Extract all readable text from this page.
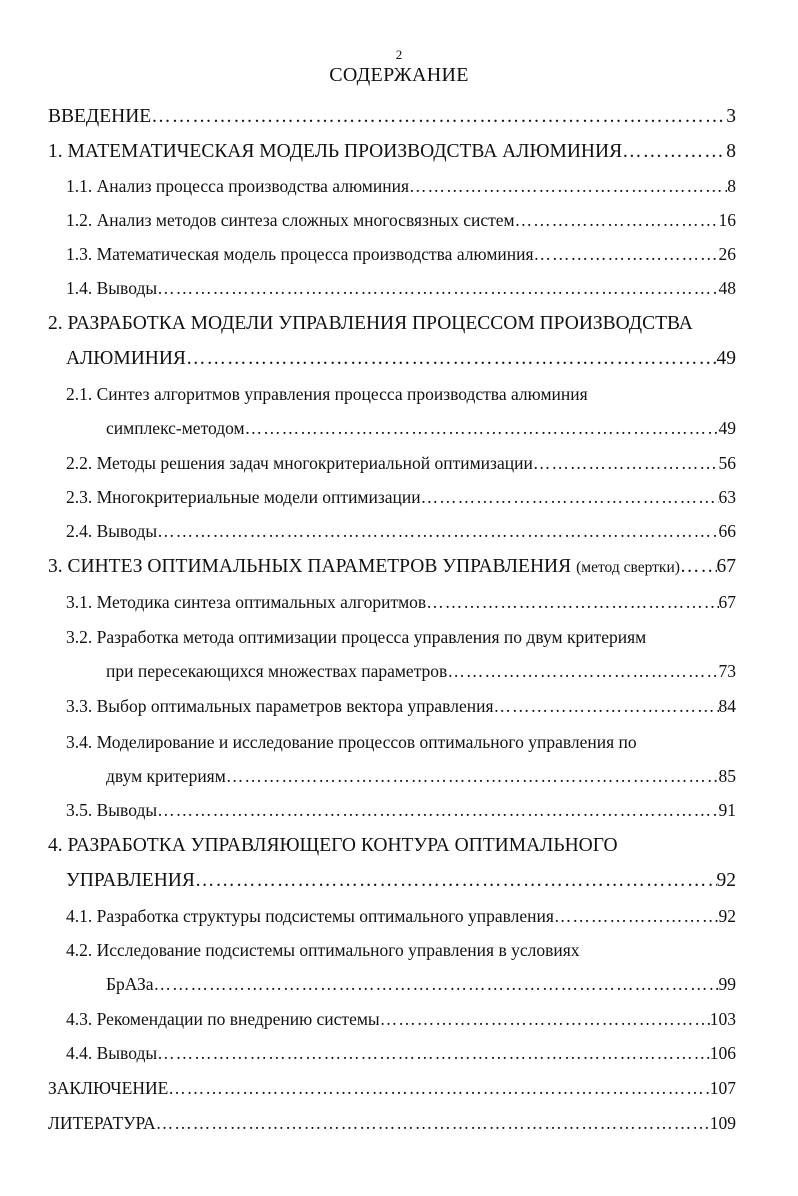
2
СОДЕРЖАНИЕ
ВВЕДЕНИЕ ……………………………………………………………………………………………………………………………………………………………………………………	3
1. МАТЕМАТИЧЕСКАЯ МОДЕЛЬ ПРОИЗВОДСТВА АЛЮМИНИЯ ……………………………………………………………………………………………………………………………………………………………………………………	8
1.1. Анализ процесса производства алюминия ……………………………………………………………………………………………………………………………………………………………………………………	8
1.2. Анализ методов синтеза сложных многосвязных систем ……………………………………………………………………………………………………………………………………………………………………………………	16
1.3. Математическая модель процесса производства алюминия ……………………………………………………………………………………………………………………………………………………………………………………	26
1.4. Выводы ……………………………………………………………………………………………………………………………………………………………………………………	48
2. РАЗРАБОТКА МОДЕЛИ УПРАВЛЕНИЯ ПРОЦЕССОМ ПРОИЗВОДСТВА
АЛЮМИНИЯ ……………………………………………………………………………………………………………………………………………………………………………………	49
2.1. Синтез алгоритмов управления процесса производства алюминия
симплекс-методом ……………………………………………………………………………………………………………………………………………………………………………………	49
2.2. Методы решения задач многокритериальной оптимизации ……………………………………………………………………………………………………………………………………………………………………………………	56
2.3. Многокритериальные модели оптимизации ……………………………………………………………………………………………………………………………………………………………………………………	63
2.4. Выводы ……………………………………………………………………………………………………………………………………………………………………………………	66
3. СИНТЕЗ ОПТИМАЛЬНЫХ ПАРАМЕТРОВ УПРАВЛЕНИЯ (метод свертки) …………………………………………………………………………………………………………………………………………………………………………………… 67
3.1. Методика синтеза оптимальных алгоритмов ……………………………………………………………………………………………………………………………………………………………………………………	67
3.2. Разработка метода оптимизации процесса управления по двум критериям
при пересекающихся множествах параметров ……………………………………………………………………………………………………………………………………………………………………………………	73
3.3. Выбор оптимальных параметров вектора управления ……………………………………………………………………………………………………………………………………………………………………………………	84
3.4. Моделирование и исследование процессов оптимального управления по
двум критериям ……………………………………………………………………………………………………………………………………………………………………………………	85
3.5. Выводы ……………………………………………………………………………………………………………………………………………………………………………………	91
4. РАЗРАБОТКА УПРАВЛЯЮЩЕГО КОНТУРА ОПТИМАЛЬНОГО
УПРАВЛЕНИЯ ……………………………………………………………………………………………………………………………………………………………………………………	92
4.1. Разработка структуры подсистемы оптимального управления ……………………………………………………………………………………………………………………………………………………………………………………	92
4.2. Исследование подсистемы оптимального управления в условиях
БрАЗа ……………………………………………………………………………………………………………………………………………………………………………………	99
4.3. Рекомендации по внедрению системы ……………………………………………………………………………………………………………………………………………………………………………………	103
4.4. Выводы ……………………………………………………………………………………………………………………………………………………………………………………	106
ЗАКЛЮЧЕНИЕ ……………………………………………………………………………………………………………………………………………………………………………………	107
ЛИТЕРАТУРА ……………………………………………………………………………………………………………………………………………………………………………………	109
